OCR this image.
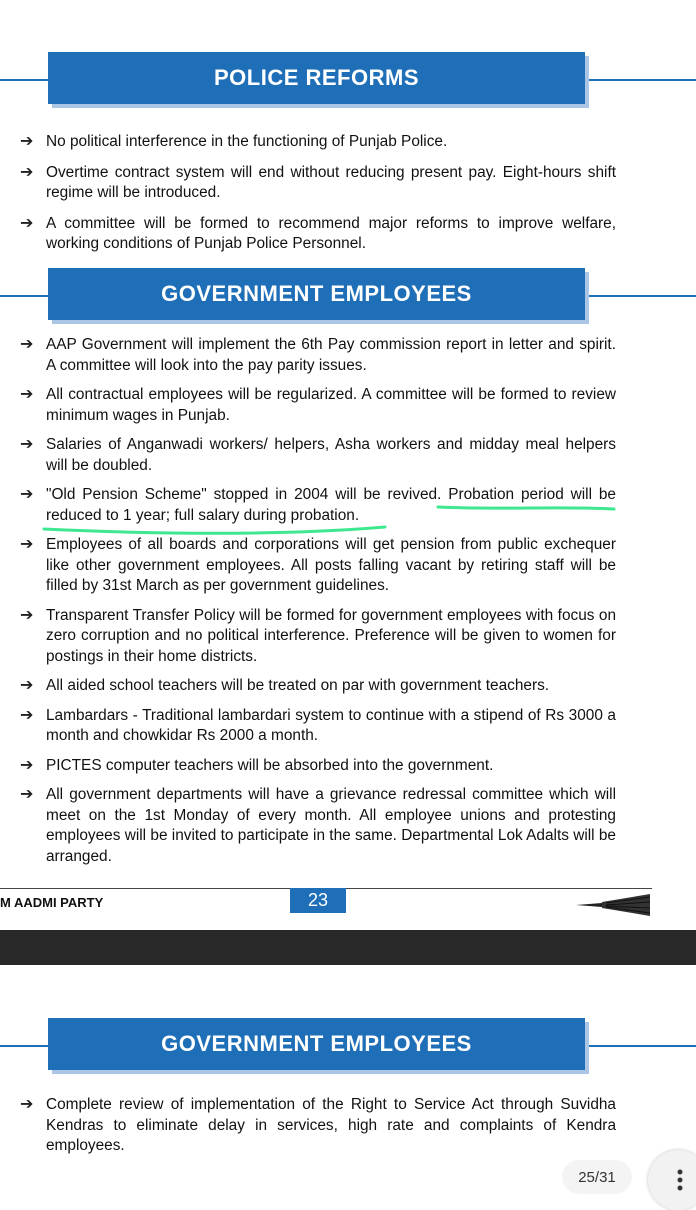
POLICE REFORMS
➔ No political interference in the functioning of Punjab Police.
➔ Overtime contract system will end without reducing present pay. Eight-hours shift regime will be introduced.
➔ A committee will be formed to recommend major reforms to improve welfare, working conditions of Punjab Police Personnel.
GOVERNMENT EMPLOYEES
➔ AAP Government will implement the 6th Pay commission report in letter and spirit. A committee will look into the pay parity issues.
➔ All contractual employees will be regularized. A committee will be formed to review minimum wages in Punjab.
➔ Salaries of Anganwadi workers/ helpers, Asha workers and midday meal helpers will be doubled.
➔ "Old Pension Scheme" stopped in 2004 will be revived. Probation period will be reduced to 1 year; full salary during probation.
➔ Employees of all boards and corporations will get pension from public exchequer like other government employees. All posts falling vacant by retiring staff will be filled by 31st March as per government guidelines.
➔ Transparent Transfer Policy will be formed for government employees with focus on zero corruption and no political interference. Preference will be given to women for postings in their home districts.
➔ All aided school teachers will be treated on par with government teachers.
➔ Lambardars - Traditional lambardari system to continue with a stipend of Rs 3000 a month and chowkidar Rs 2000 a month.
➔ PICTES computer teachers will be absorbed into the government.
➔ All government departments will have a grievance redressal committee which will meet on the 1st Monday of every month. All employee unions and protesting employees will be invited to participate in the same. Departmental Lok Adalts will be arranged.
M AADMI PARTY	23
GOVERNMENT EMPLOYEES
➔ Complete review of implementation of the Right to Service Act through Suvidha Kendras to eliminate delay in services, high rate and complaints of Kendra employees.
25/31
